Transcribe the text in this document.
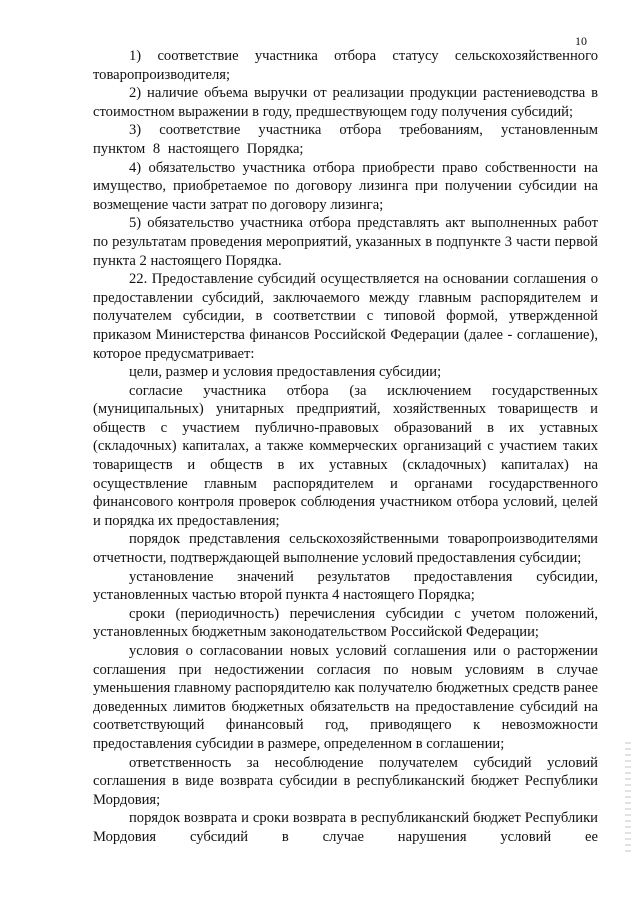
10

1) соответствие участника отбора статусу сельскохозяйственного товаропроизводителя;

2) наличие объема выручки от реализации продукции растениеводства в стоимостном выражении в году, предшествующем году получения субсидий;

3) соответствие участника отбора требованиям, установленным пунктом 8 настоящего Порядка;

4) обязательство участника отбора приобрести право собственности на имущество, приобретаемое по договору лизинга при получении субсидии на возмещение части затрат по договору лизинга;

5) обязательство участника отбора представлять акт выполненных работ по результатам проведения мероприятий, указанных в подпункте 3 части первой пункта 2 настоящего Порядка.

22. Предоставление субсидий осуществляется на основании соглашения о предоставлении субсидий, заключаемого между главным распорядителем и получателем субсидии, в соответствии с типовой формой, утвержденной приказом Министерства финансов Российской Федерации (далее - соглашение), которое предусматривает:

цели, размер и условия предоставления субсидии;

согласие участника отбора (за исключением государственных (муниципальных) унитарных предприятий, хозяйственных товариществ и обществ с участием публично-правовых образований в их уставных (складочных) капиталах, а также коммерческих организаций с участием таких товариществ и обществ в их уставных (складочных) капиталах) на осуществление главным распорядителем и органами государственного финансового контроля проверок соблюдения участником отбора условий, целей и порядка их предоставления;

порядок представления сельскохозяйственными товаропроизводителями отчетности, подтверждающей выполнение условий предоставления субсидии;

установление значений результатов предоставления субсидии, установленных частью второй пункта 4 настоящего Порядка;

сроки (периодичность) перечисления субсидии с учетом положений, установленных бюджетным законодательством Российской Федерации;

условия о согласовании новых условий соглашения или о расторжении соглашения при недостижении согласия по новым условиям в случае уменьшения главному распорядителю как получателю бюджетных средств ранее доведенных лимитов бюджетных обязательств на предоставление субсидий на соответствующий финансовый год, приводящего к невозможности предоставления субсидии в размере, определенном в соглашении;

ответственность за несоблюдение получателем субсидий условий соглашения в виде возврата субсидии в республиканский бюджет Республики Мордовия;

порядок возврата и сроки возврата в республиканский бюджет Республики Мордовия субсидий в случае нарушения условий ее
